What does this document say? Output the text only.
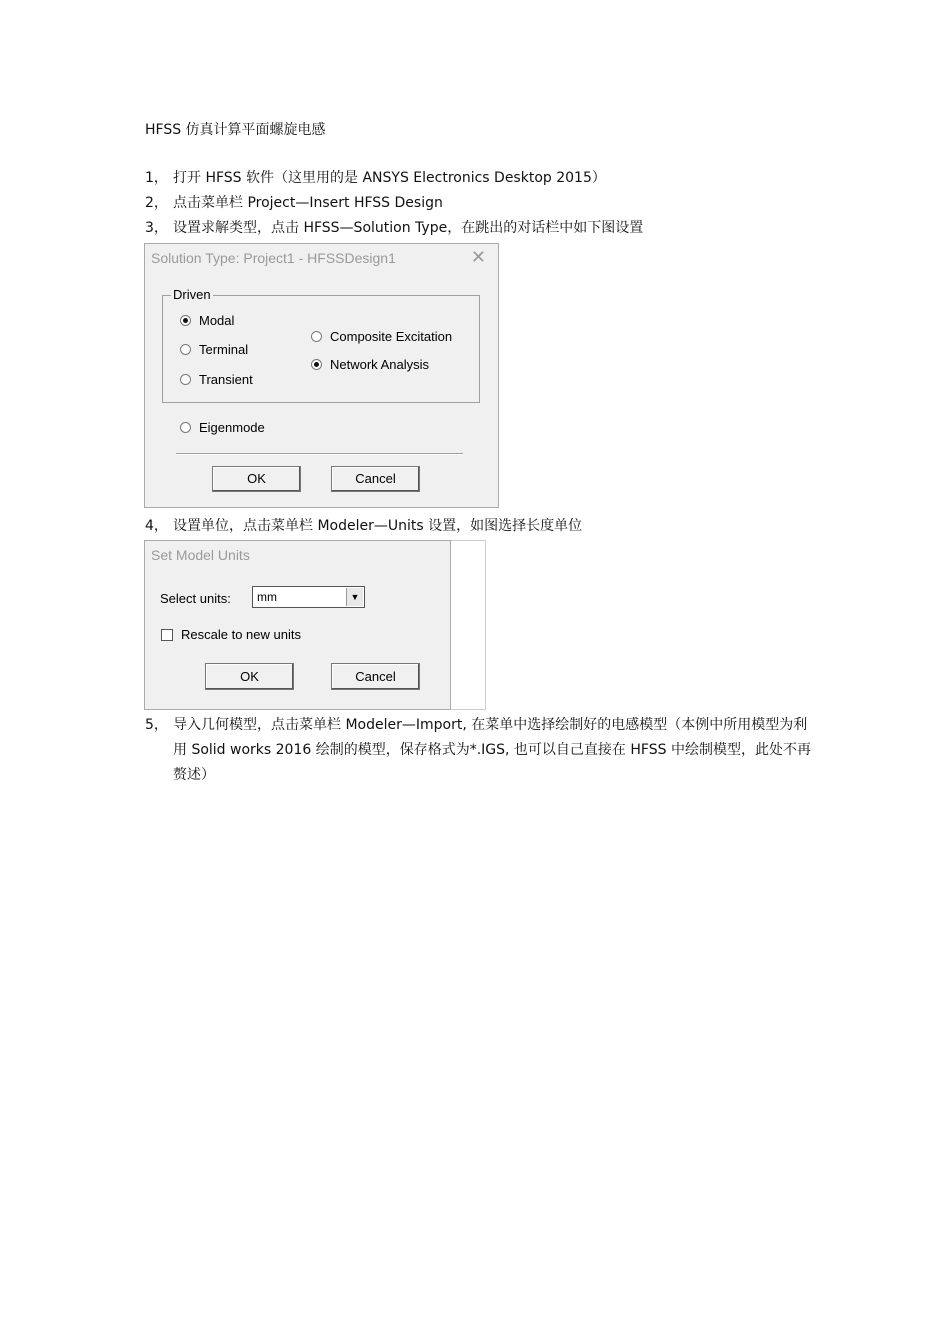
HFSS 仿真计算平面螺旋电感
1， 打开 HFSS 软件（这里用的是 ANSYS Electronics Desktop 2015）
2， 点击菜单栏 Project—Insert HFSS Design
3， 设置求解类型，点击 HFSS—Solution Type，在跳出的对话栏中如下图设置
Solution Type: Project1 - HFSSDesign1	✕
Driven
Modal
Terminal
Transient
Composite Excitation
Network Analysis
Eigenmode
OK	Cancel
4， 设置单位，点击菜单栏 Modeler—Units 设置，如图选择长度单位
Set Model Units
Select units: mm	▼
Rescale to new units
OK	Cancel
5， 导入几何模型，点击菜单栏 Modeler—Import, 在菜单中选择绘制好的电感模型（本例中所用模型为利用 Solid works 2016 绘制的模型，保存格式为*.IGS, 也可以自己直接在 HFSS 中绘制模型，此处不再赘述）
